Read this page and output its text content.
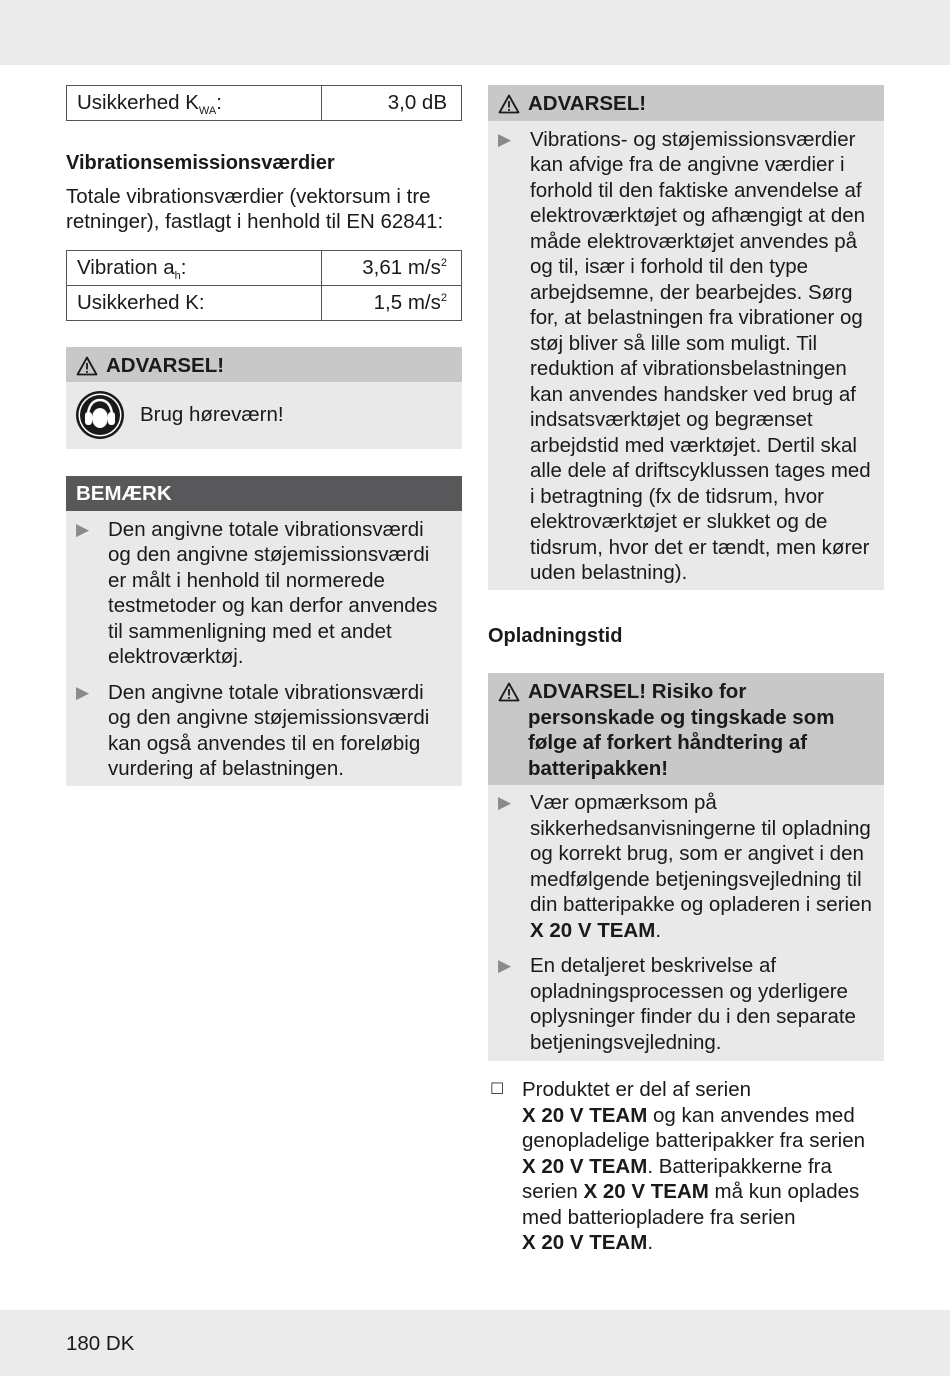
Usikkerhed $K_{WA}$:	3,0 dB
Vibrationsemissionsværdier

Totale vibrationsværdier (vektorsum i tre retninger), fastlagt i henhold til EN 62841:

Vibration $a_h$:	3,61 $m/s^2$
Usikkerhed K:	1,5 $m/s^2$
ADVARSEL!
Brug høreværn!
BEMÆRK
▶ Den angivne totale vibrationsværdi og den angivne støjemissionsværdi er målt i henhold til normerede testmetoder og kan derfor anvendes til sammenligning med et andet elektroværktøj.
▶ Den angivne totale vibrationsværdi og den angivne støjemissionsværdi kan også anvendes til en foreløbig vurdering af belastningen.
ADVARSEL!
▶ Vibrations- og støjemissionsværdier kan afvige fra de angivne værdier i forhold til den faktiske anvendelse af elektroværktøjet og afhængigt at den måde elektroværktøjet anvendes på og til, især i forhold til den type arbejdsemne, der bearbejdes. Sørg for, at belastningen fra vibrationer og støj bliver så lille som muligt. Til reduktion af vibrationsbelastningen kan anvendes handsker ved brug af indsatsværktøjet og begrænset arbejdstid med værktøjet. Dertil skal alle dele af driftscyklussen tages med i betragtning (fx de tidsrum, hvor elektroværktøjet er slukket og de tidsrum, hvor det er tændt, men kører uden belastning).
Opladningstid
ADVARSEL! Risiko for personskade og tingskade som følge af forkert håndtering af batteripakken!
▶ Vær opmærksom på sikkerhedsanvisningerne til opladning og korrekt brug, som er angivet i den medfølgende betjeningsvejledning til din batteripakke og opladeren i serien
X 20 V TEAM.
▶ En detaljeret beskrivelse af opladningsprocessen og yderligere oplysninger finder du i den separate betjeningsvejledning.
☐ Produktet er del af serien
X 20 V TEAM og kan anvendes med genopladelige batteripakker fra serien
X 20 V TEAM. Batteripakkerne fra serien X 20 V TEAM må kun oplades med batteriopladere fra serien
X 20 V TEAM.
180 DK
